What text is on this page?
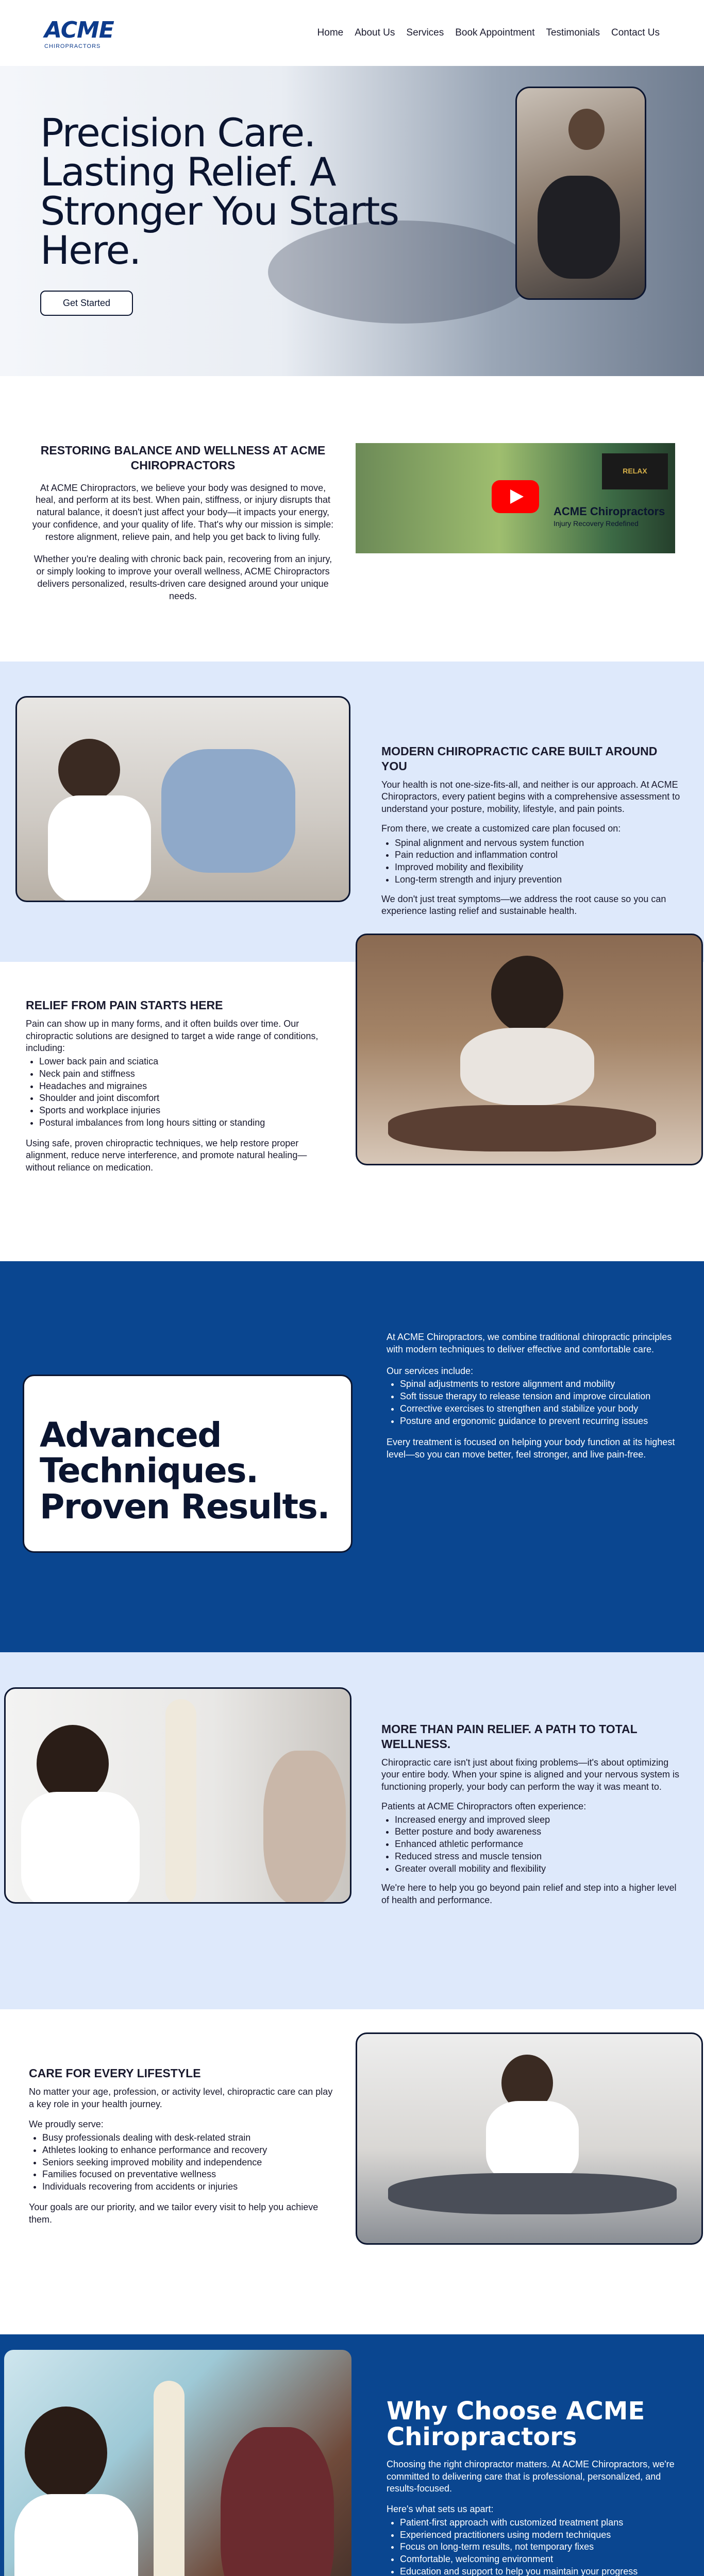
ACME
CHIROPRACTORS
Home About Us Services Book Appointment Testimonials Contact Us
Precision Care. Lasting Relief. A Stronger You Starts Here.
Get Started
RESTORING BALANCE AND WELLNESS AT ACME CHIROPRACTORS

At ACME Chiropractors, we believe your body was designed to move, heal, and perform at its best. When pain, stiffness, or injury disrupts that natural balance, it doesn't just affect your body—it impacts your energy, your confidence, and your quality of life. That's why our mission is simple: restore alignment, relieve pain, and help you get back to living fully.

Whether you're dealing with chronic back pain, recovering from an injury, or simply looking to improve your overall wellness, ACME Chiropractors delivers personalized, results-driven care designed around your unique needs.

RELAX
ACME Chiropractors
Injury Recovery Redefined
MODERN CHIROPRACTIC CARE BUILT AROUND YOU

Your health is not one-size-fits-all, and neither is our approach. At ACME Chiropractors, every patient begins with a comprehensive assessment to understand your posture, mobility, lifestyle, and pain points.

From there, we create a customized care plan focused on:

• Spinal alignment and nervous system function
• Pain reduction and inflammation control
• Improved mobility and flexibility
• Long-term strength and injury prevention

We don't just treat symptoms—we address the root cause so you can experience lasting relief and sustainable health.

RELIEF FROM PAIN STARTS HERE

Pain can show up in many forms, and it often builds over time. Our chiropractic solutions are designed to target a wide range of conditions, including:

• Lower back pain and sciatica
• Neck pain and stiffness
• Headaches and migraines
• Shoulder and joint discomfort
• Sports and workplace injuries
• Postural imbalances from long hours sitting or standing

Using safe, proven chiropractic techniques, we help restore proper alignment, reduce nerve interference, and promote natural healing—without reliance on medication.

Advanced Techniques. Proven Results.

At ACME Chiropractors, we combine traditional chiropractic principles with modern techniques to deliver effective and comfortable care.

Our services include:

• Spinal adjustments to restore alignment and mobility
• Soft tissue therapy to release tension and improve circulation
• Corrective exercises to strengthen and stabilize your body
• Posture and ergonomic guidance to prevent recurring issues

Every treatment is focused on helping your body function at its highest level—so you can move better, feel stronger, and live pain-free.

MORE THAN PAIN RELIEF. A PATH TO TOTAL WELLNESS.

Chiropractic care isn't just about fixing problems—it's about optimizing your entire body. When your spine is aligned and your nervous system is functioning properly, your body can perform the way it was meant to.

Patients at ACME Chiropractors often experience:

• Increased energy and improved sleep
• Better posture and body awareness
• Enhanced athletic performance
• Reduced stress and muscle tension
• Greater overall mobility and flexibility

We're here to help you go beyond pain relief and step into a higher level of health and performance.

CARE FOR EVERY LIFESTYLE

No matter your age, profession, or activity level, chiropractic care can play a key role in your health journey.

We proudly serve:

• Busy professionals dealing with desk-related strain
• Athletes looking to enhance performance and recovery
• Seniors seeking improved mobility and independence
• Families focused on preventative wellness
• Individuals recovering from accidents or injuries

Your goals are our priority, and we tailor every visit to help you achieve them.

Why Choose ACME Chiropractors

Choosing the right chiropractor matters. At ACME Chiropractors, we're committed to delivering care that is professional, personalized, and results-focused.

Here's what sets us apart:

• Patient-first approach with customized treatment plans
• Experienced practitioners using modern techniques
• Focus on long-term results, not temporary fixes
• Comfortable, welcoming environment
• Education and support to help you maintain your progress
